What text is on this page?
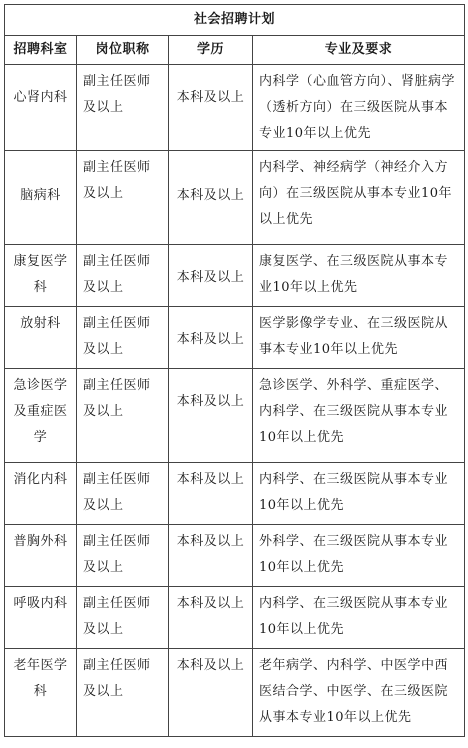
社会招聘计划			
招聘科室	岗位职称	学历	专业及要求
心肾内科	副主任医师及以上	本科及以上	内科学（心血管方向）、肾脏病学（透析方向）在三级医院从事本专业10年以上优先
脑病科	副主任医师及以上	本科及以上	内科学、神经病学（神经介入方向）在三级医院从事本专业10年以上优先
康复医学科	副主任医师及以上	本科及以上	康复医学、在三级医院从事本专业10年以上优先
放射科	副主任医师及以上	本科及以上	医学影像学专业、在三级医院从事本专业10年以上优先
急诊医学及重症医学	副主任医师及以上	本科及以上	急诊医学、外科学、重症医学、内科学、在三级医院从事本专业10年以上优先
消化内科	副主任医师及以上	本科及以上	内科学、在三级医院从事本专业10年以上优先
普胸外科	副主任医师及以上	本科及以上	外科学、在三级医院从事本专业10年以上优先
呼吸内科	副主任医师及以上	本科及以上	内科学、在三级医院从事本专业10年以上优先
老年医学科	副主任医师及以上	本科及以上	老年病学、内科学、中医学中西医结合学、中医学、在三级医院从事本专业10年以上优先
